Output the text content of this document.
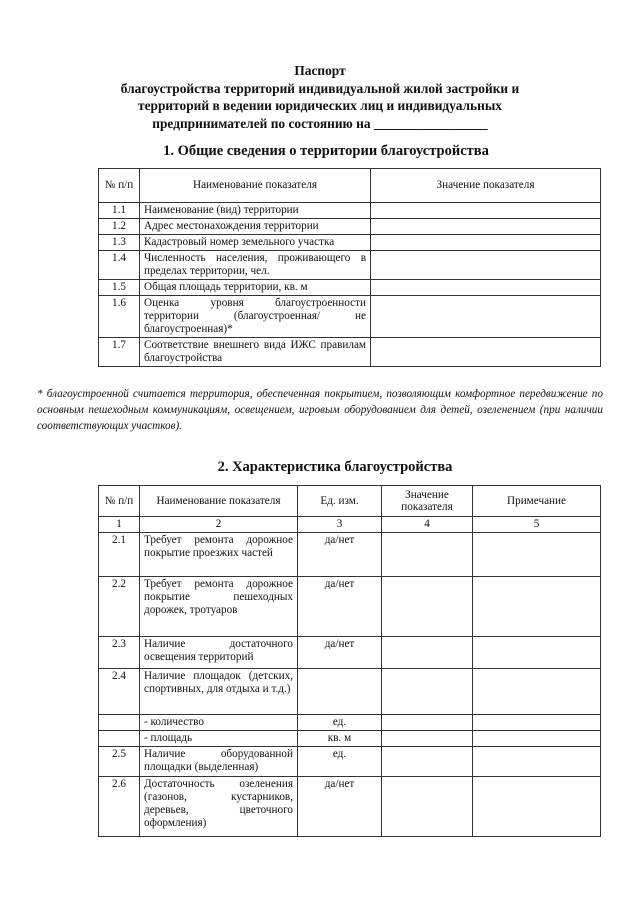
Паспорт
благоустройства территорий индивидуальной жилой застройки и
территорий в ведении юридических лиц и индивидуальных
предпринимателей по состоянию на _________________
1. Общие сведения о территории благоустройства
№ п/п	Наименование показателя	Значение показателя
1.1	Наименование (вид) территории	
1.2	Адрес местонахождения территории	
1.3	Кадастровый номер земельного участка	
1.4	Численность населения, проживающего в пределах территории, чел.	
1.5	Общая площадь территории, кв. м	
1.6	Оценка уровня благоустроенности территории (благоустроенная/ не благоустроенная)*	
1.7	Соответствие внешнего вида ИЖС правилам благоустройства	
* благоустроенной считается территория, обеспеченная покрытием, позволяющим комфортное передвижение по основным пешеходным коммуникациям, освещением, игровым оборудованием для детей, озеленением (при наличии соответствующих участков).
2. Характеристика благоустройства
№ п/п	Наименование показателя	Ед. изм.	Значение показателя	Примечание
1	2	3	4	5
2.1	Требует ремонта дорожное покрытие проезжих частей	да/нет		
2.2	Требует ремонта дорожное покрытие пешеходных дорожек, тротуаров	да/нет		
2.3	Наличие достаточного освещения территорий	да/нет		
2.4	Наличие площадок (детских, спортивных, для отдыха и т.д.)			
	- количество	ед.		
	- площадь	кв. м		
2.5	Наличие оборудованной площадки (выделенная)	ед.		
2.6	Достаточность озеленения (газонов, кустарников, деревьев, цветочного оформления)	да/нет		
